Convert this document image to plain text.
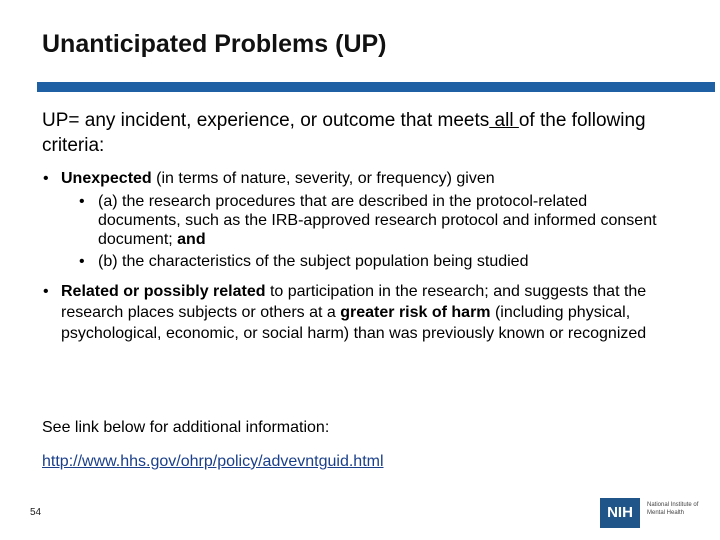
Unanticipated Problems (UP)

UP= any incident, experience, or outcome that meets all of the following criteria:

• Unexpected (in terms of nature, severity, or frequency) given
• (a) the research procedures that are described in the protocol-related documents, such as the IRB-approved research protocol and informed consent document; and
• (b) the characteristics of the subject population being studied
• Related or possibly related to participation in the research; and suggests that the research places subjects or others at a greater risk of harm (including physical, psychological, economic, or social harm) than was previously known or recognized

See link below for additional information:

http://www.hhs.gov/ohrp/policy/advevntguid.html
54	NIH	National Institute of Mental Health
